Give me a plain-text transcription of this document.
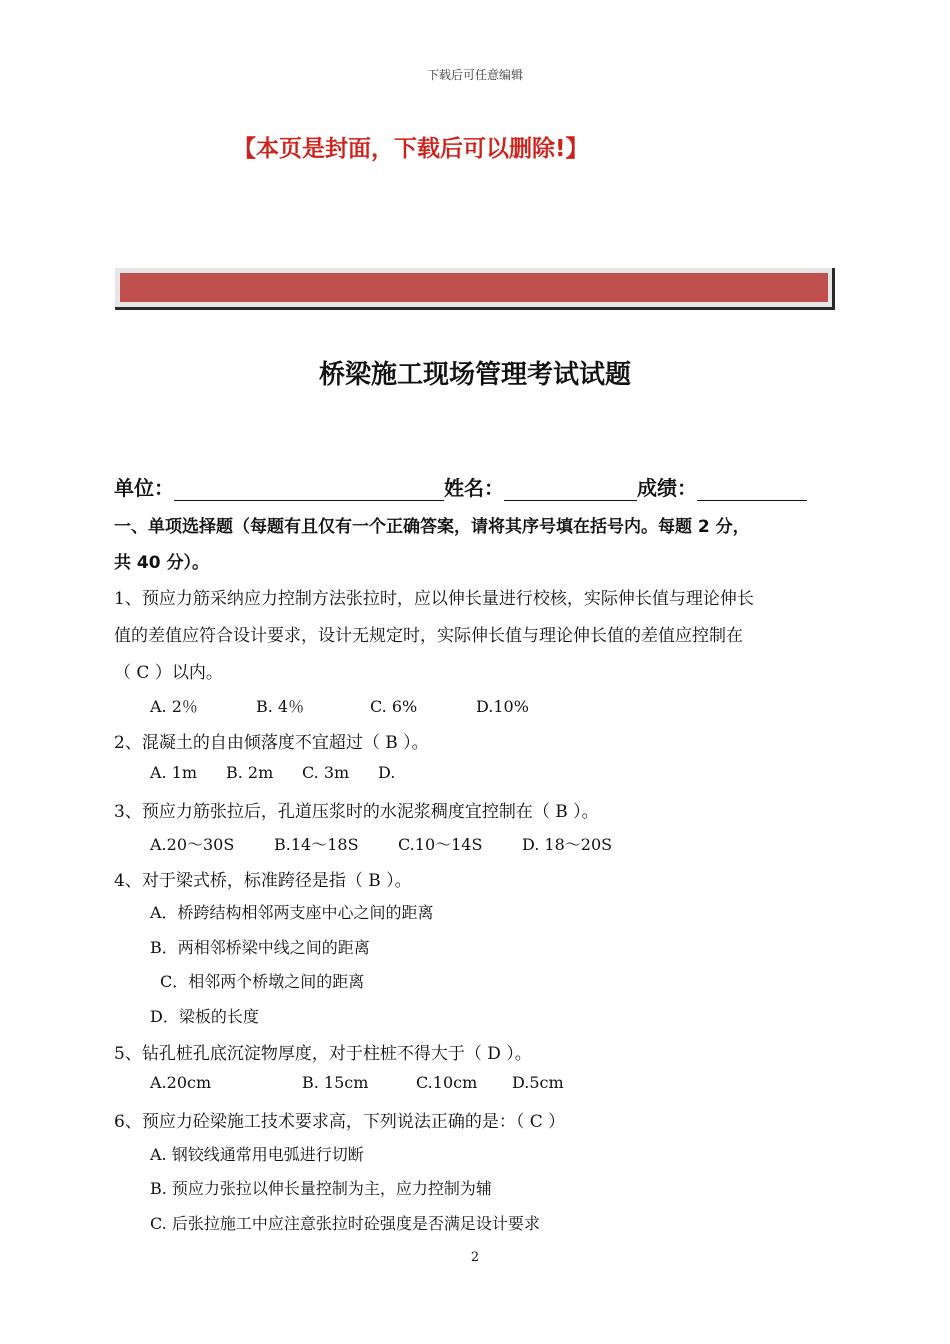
下载后可任意编辑
【本页是封面，下载后可以删除!】
桥梁施工现场管理考试试题
单位：	姓名：	成绩：
一、单项选择题（每题有且仅有一个正确答案，请将其序号填在括号内。每题 2 分，
共 40 分）。
1、预应力筋采纳应力控制方法张拉时，应以伸长量进行校核，实际伸长值与理论伸长
值的差值应符合设计要求，设计无规定时，实际伸长值与理论伸长值的差值应控制在
（ C ）以内。
A. 2％	B. 4％	C. 6%	D.10%
2、混凝土的自由倾落度不宜超过（ B ）。
A. 1m B. 2m C. 3m D.
3、预应力筋张拉后，孔道压浆时的水泥浆稠度宜控制在（ B ）。
A.20～30S B.14～18S C.10～14S D. 18～20S
4、对于梁式桥，标准跨径是指（ B ）。
A．桥跨结构相邻两支座中心之间的距离
B．两相邻桥梁中线之间的距离
C．相邻两个桥墩之间的距离
D．梁板的长度
5、钻孔桩孔底沉淀物厚度，对于柱桩不得大于（ D ）。
A.20cm	B. 15cm	C.10cm D.5cm
6、预应力砼梁施工技术要求高，下列说法正确的是：（ C ）
A. 钢铰线通常用电弧进行切断
B. 预应力张拉以伸长量控制为主，应力控制为辅
C. 后张拉施工中应注意张拉时砼强度是否满足设计要求
2
